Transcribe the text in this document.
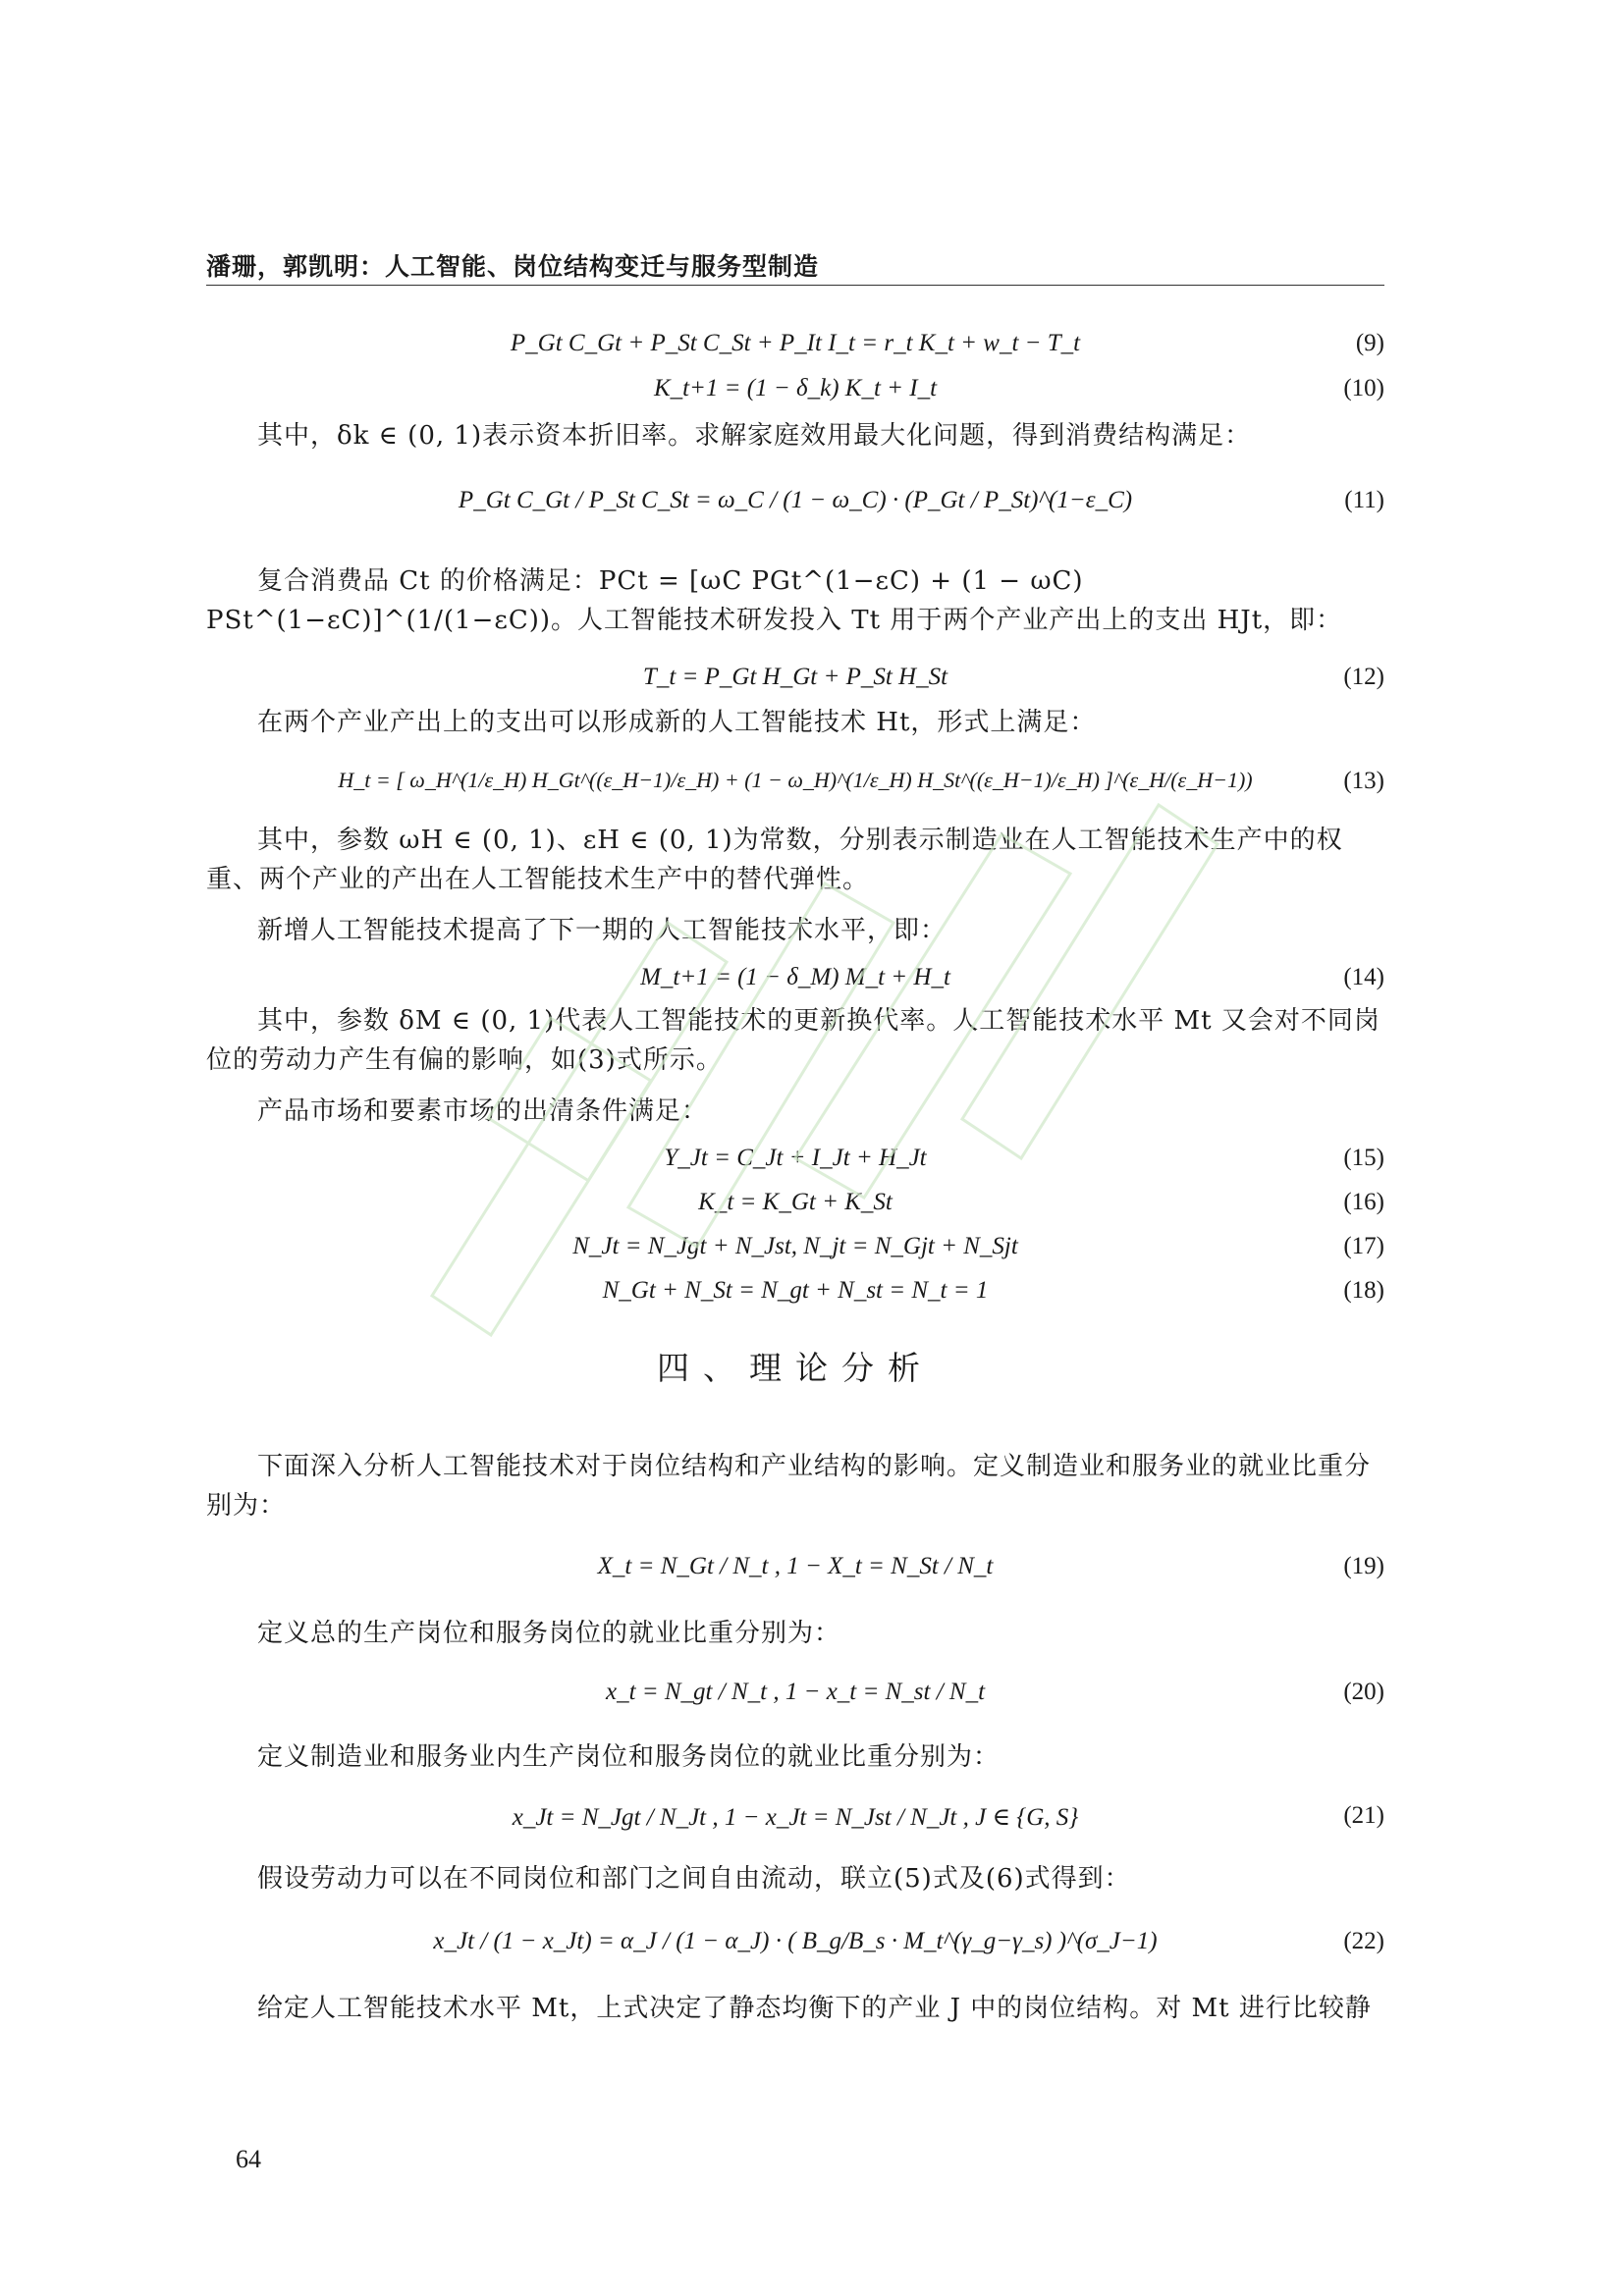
潘珊，郭凯明：人工智能、岗位结构变迁与服务型制造
P_Gt C_Gt + P_St C_St + P_It I_t = r_t K_t + w_t − T_t	(9)
K_t+1 = (1 − δ_k) K_t + I_t	(10)

其中，δk ∈ (0, 1)表示资本折旧率。求解家庭效用最大化问题，得到消费结构满足：

P_Gt C_Gt / P_St C_St = ω_C / (1 − ω_C) · (P_Gt / P_St)^(1−ε_C)	(11)

复合消费品 Ct 的价格满足：PCt = [ωC PGt^(1−εC) + (1 − ωC) PSt^(1−εC)]^(1/(1−εC))。人工智能技术研发投入 Tt 用于两个产业产出上的支出 HJt，即：

T_t = P_Gt H_Gt + P_St H_St	(12)

在两个产业产出上的支出可以形成新的人工智能技术 Ht，形式上满足：

H_t = [ ω_H^(1/ε_H) H_Gt^((ε_H−1)/ε_H) + (1 − ω_H)^(1/ε_H) H_St^((ε_H−1)/ε_H) ]^(ε_H/(ε_H−1))	(13)

其中，参数 ωH ∈ (0, 1)、εH ∈ (0, 1)为常数，分别表示制造业在人工智能技术生产中的权重、两个产业的产出在人工智能技术生产中的替代弹性。

新增人工智能技术提高了下一期的人工智能技术水平，即：

M_t+1 = (1 − δ_M) M_t + H_t	(14)

其中，参数 δM ∈ (0, 1)代表人工智能技术的更新换代率。人工智能技术水平 Mt 又会对不同岗位的劳动力产生有偏的影响，如(3)式所示。

产品市场和要素市场的出清条件满足：

Y_Jt = C_Jt + I_Jt + H_Jt	(15)
K_t = K_Gt + K_St	(16)
N_Jt = N_Jgt + N_Jst, N_jt = N_Gjt + N_Sjt	(17)
N_Gt + N_St = N_gt + N_st = N_t = 1	(18)
四、理论分析

下面深入分析人工智能技术对于岗位结构和产业结构的影响。定义制造业和服务业的就业比重分别为：

X_t = N_Gt / N_t , 1 − X_t = N_St / N_t	(19)

定义总的生产岗位和服务岗位的就业比重分别为：

x_t = N_gt / N_t , 1 − x_t = N_st / N_t	(20)

定义制造业和服务业内生产岗位和服务岗位的就业比重分别为：

x_Jt = N_Jgt / N_Jt , 1 − x_Jt = N_Jst / N_Jt , J ∈ {G, S}	(21)

假设劳动力可以在不同岗位和部门之间自由流动，联立(5)式及(6)式得到：

x_Jt / (1 − x_Jt) = α_J / (1 − α_J) · ( B_g/B_s · M_t^(γ_g−γ_s) )^(σ_J−1)	(22)

给定人工智能技术水平 Mt，上式决定了静态均衡下的产业 J 中的岗位结构。对 Mt 进行比较静

64
